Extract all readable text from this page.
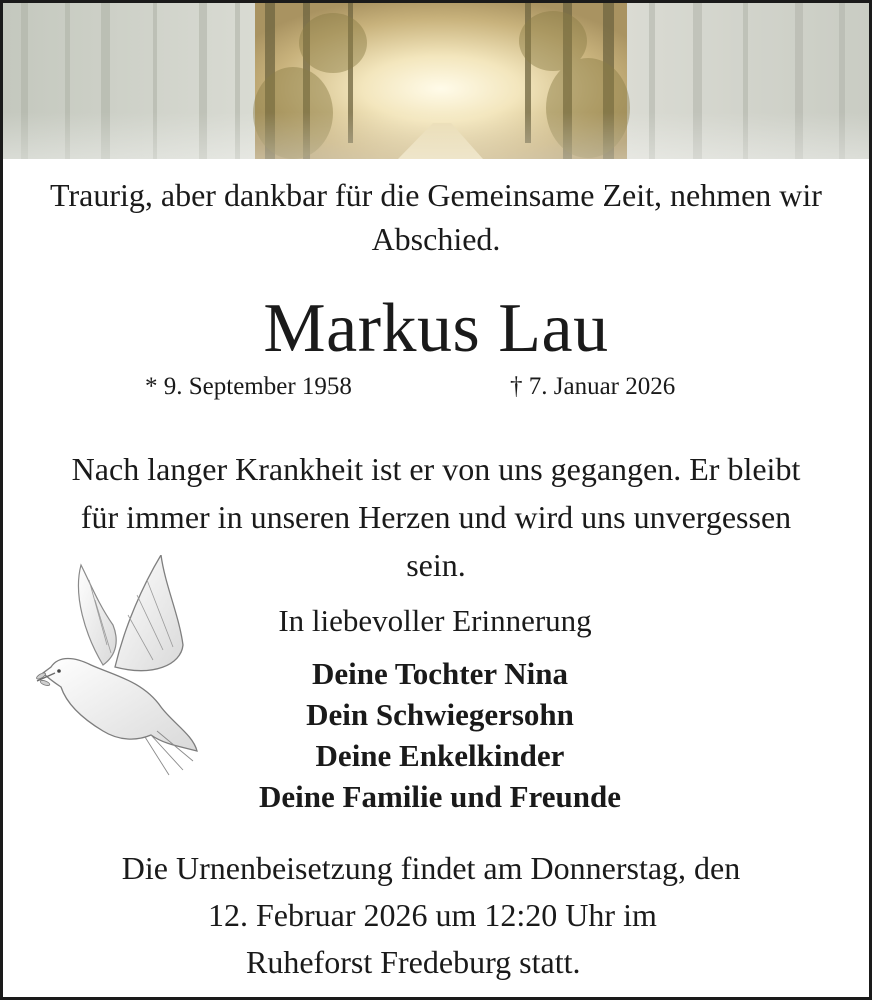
Traurig, aber dankbar für die Gemeinsame Zeit, nehmen wir Abschied.

Markus Lau

* 9. September 1958	† 7. Januar 2026

Nach langer Krankheit ist er von uns gegangen. Er bleibt für immer in unseren Herzen und wird uns unvergessen sein.

In liebevoller Erinnerung
Deine Tochter Nina
Dein Schwiegersohn
Deine Enkelkinder
Deine Familie und Freunde
Die Urnenbeisetzung findet am Donnerstag, den
12. Februar 2026 um 12:20 Uhr im
Ruheforst Fredeburg statt.
